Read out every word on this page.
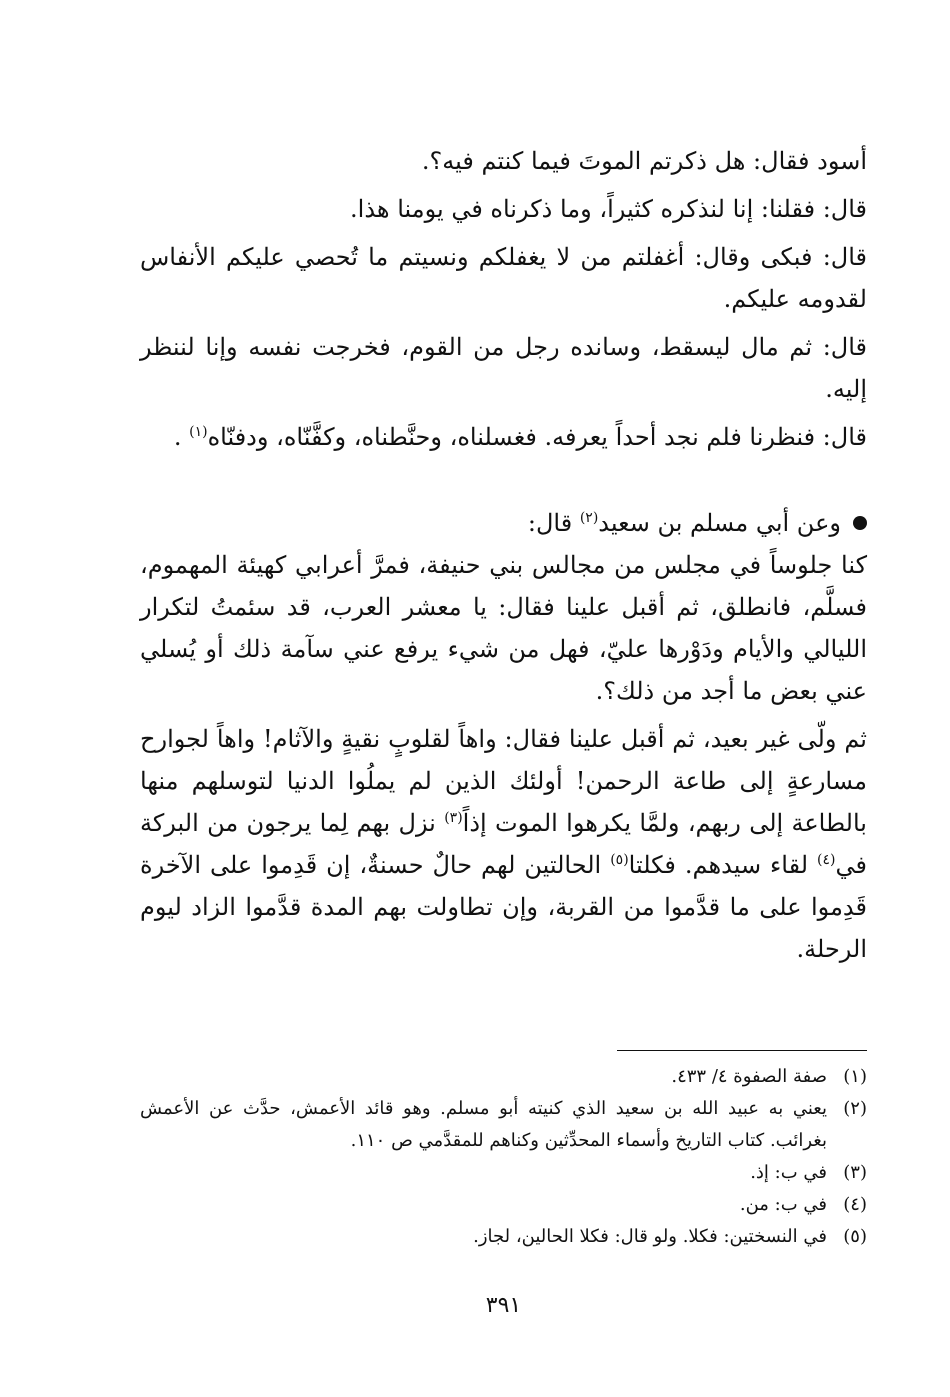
أسود فقال: هل ذكرتم الموتَ فيما كنتم فيه؟.

قال: فقلنا: إنا لنذكره كثيراً، وما ذكرناه في يومنا هذا.

قال: فبكى وقال: أغفلتم من لا يغفلكم ونسيتم ما تُحصي عليكم الأنفاس لقدومه عليكم.

قال: ثم مال ليسقط، وسانده رجل من القوم، فخرجت نفسه وإنا لننظر إليه.

قال: فنظرنا فلم نجد أحداً يعرفه. فغسلناه، وحنَّطناه، وكفَّنّاه، ودفنّاه$^{(١)}$ .

وعن أبي مسلم بن سعيد$^{(٢)}$ قال:

كنا جلوساً في مجلس من مجالس بني حنيفة، فمرَّ أعرابي كهيئة المهموم، فسلَّم، فانطلق، ثم أقبل علينا فقال: يا معشر العرب، قد سئمتُ لتكرار الليالي والأيام ودَوْرها عليّ، فهل من شيء يرفع عني سآمة ذلك أو يُسلي عني بعض ما أجد من ذلك؟.

ثم ولّى غير بعيد، ثم أقبل علينا فقال: واهاً لقلوبٍ نقيةٍ والآثام! واهاً لجوارح مسارعةٍ إلى طاعة الرحمن! أولئك الذين لم يملُوا الدنيا لتوسلهم منها بالطاعة إلى ربهم، ولمَّا يكرهوا الموت إذاً$^{(٣)}$ نزل بهم لِما يرجون من البركة في$^{(٤)}$ لقاء سيدهم. فكلتا$^{(٥)}$ الحالتين لهم حالٌ حسنةٌ، إن قَدِموا على الآخرة قَدِموا على ما قدَّموا من القربة، وإن تطاولت بهم المدة قدَّموا الزاد ليوم الرحلة.

(١)
صفة الصفوة ٤/ ٤٣٣.
(٢)
يعني به عبيد الله بن سعيد الذي كنيته أبو مسلم. وهو قائد الأعمش، حدَّث عن الأعمش بغرائب. كتاب التاريخ وأسماء المحدِّثين وكناهم للمقدَّمي ص ١١٠.
(٣)
في ب: إذ.
(٤)
في ب: من.
(٥)
في النسختين: فكلا. ولو قال: فكلا الحالين، لجاز.
٣٩١
